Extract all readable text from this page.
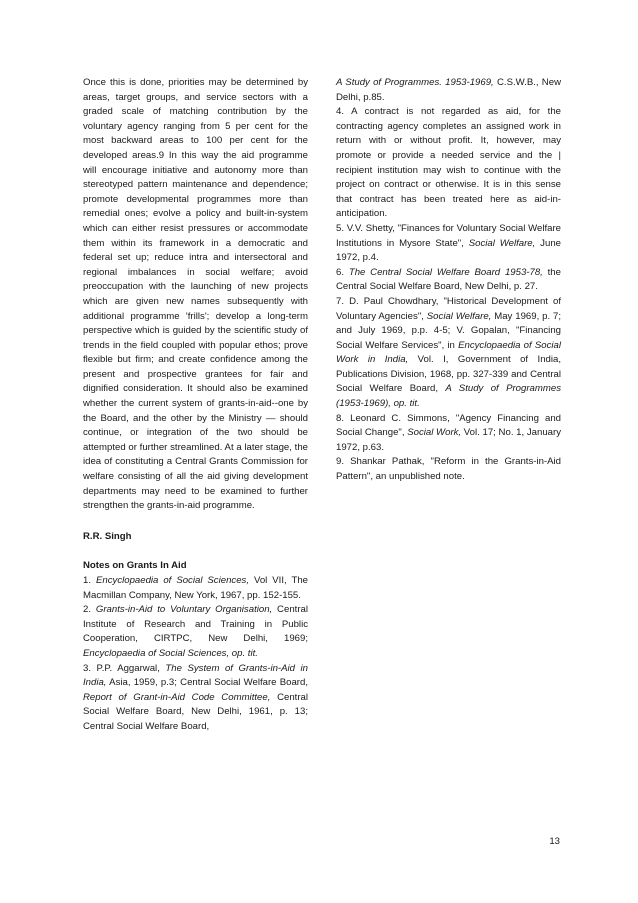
Once this is done, priorities may be determined by areas, target groups, and service sectors with a graded scale of matching contribution by the voluntary agency ranging from 5 per cent for the most backward areas to 100 per cent for the developed areas.9 In this way the aid programme will encourage initiative and autonomy more than stereotyped pattern maintenance and dependence; promote developmental programmes more than remedial ones; evolve a policy and built-in-system which can either resist pressures or accommodate them within its framework in a democratic and federal set up; reduce intra and intersectoral and regional imbalances in social welfare; avoid preoccupation with the launching of new projects which are given new names subsequently with additional programme 'frills'; develop a long-term perspective which is guided by the scientific study of trends in the field coupled with popular ethos; prove flexible but firm; and create confidence among the present and prospective grantees for fair and dignified consideration. It should also be examined whether the current system of grants-in-aid--one by the Board, and the other by the Ministry — should continue, or integration of the two should be attempted or further streamlined. At a later stage, the idea of constituting a Central Grants Commission for welfare consisting of all the aid giving development departments may need to be examined to further strengthen the grants-in-aid programme.

R.R. Singh

Notes on Grants In Aid

1. Encyclopaedia of Social Sciences, Vol VII, The Macmillan Company, New York, 1967, pp. 152-155.

2. Grants-in-Aid to Voluntary Organisation, Central Institute of Research and Training in Public Cooperation, CIRTPC, New Delhi, 1969; Encyclopaedia of Social Sciences, op. tit.

3. P.P. Aggarwal, The System of Grants-in-Aid in India, Asia, 1959, p.3; Central Social Welfare Board, Report of Grant-in-Aid Code Committee, Central Social Welfare Board, New Delhi, 1961, p. 13; Central Social Welfare Board,

A Study of Programmes. 1953-1969, C.S.W.B., New Delhi, p.85.

4. A contract is not regarded as aid, for the contracting agency completes an assigned work in return with or without profit. It, however, may promote or provide a needed service and the | recipient institution may wish to continue with the project on contract or otherwise. It is in this sense that contract has been treated here as aid-in-anticipation.

5. V.V. Shetty, "Finances for Voluntary Social Welfare Institutions in Mysore State", Social Welfare, June 1972, p.4.

6. The Central Social Welfare Board 1953-78, the Central Social Welfare Board, New Delhi, p. 27.

7. D. Paul Chowdhary, "Historical Development of Voluntary Agencies", Social Welfare, May 1969, p. 7; and July 1969, p.p. 4-5; V. Gopalan, "Financing Social Welfare Services", in Encyclopaedia of Social Work in India, Vol. I, Government of India, Publications Division, 1968, pp. 327-339 and Central Social Welfare Board, A Study of Programmes (1953-1969), op. tit.

8. Leonard C. Simmons, "Agency Financing and Social Change", Social Work, Vol. 17; No. 1, January 1972, p.63.

9. Shankar Pathak, "Reform in the Grants-in-Aid Pattern", an unpublished note.

13
